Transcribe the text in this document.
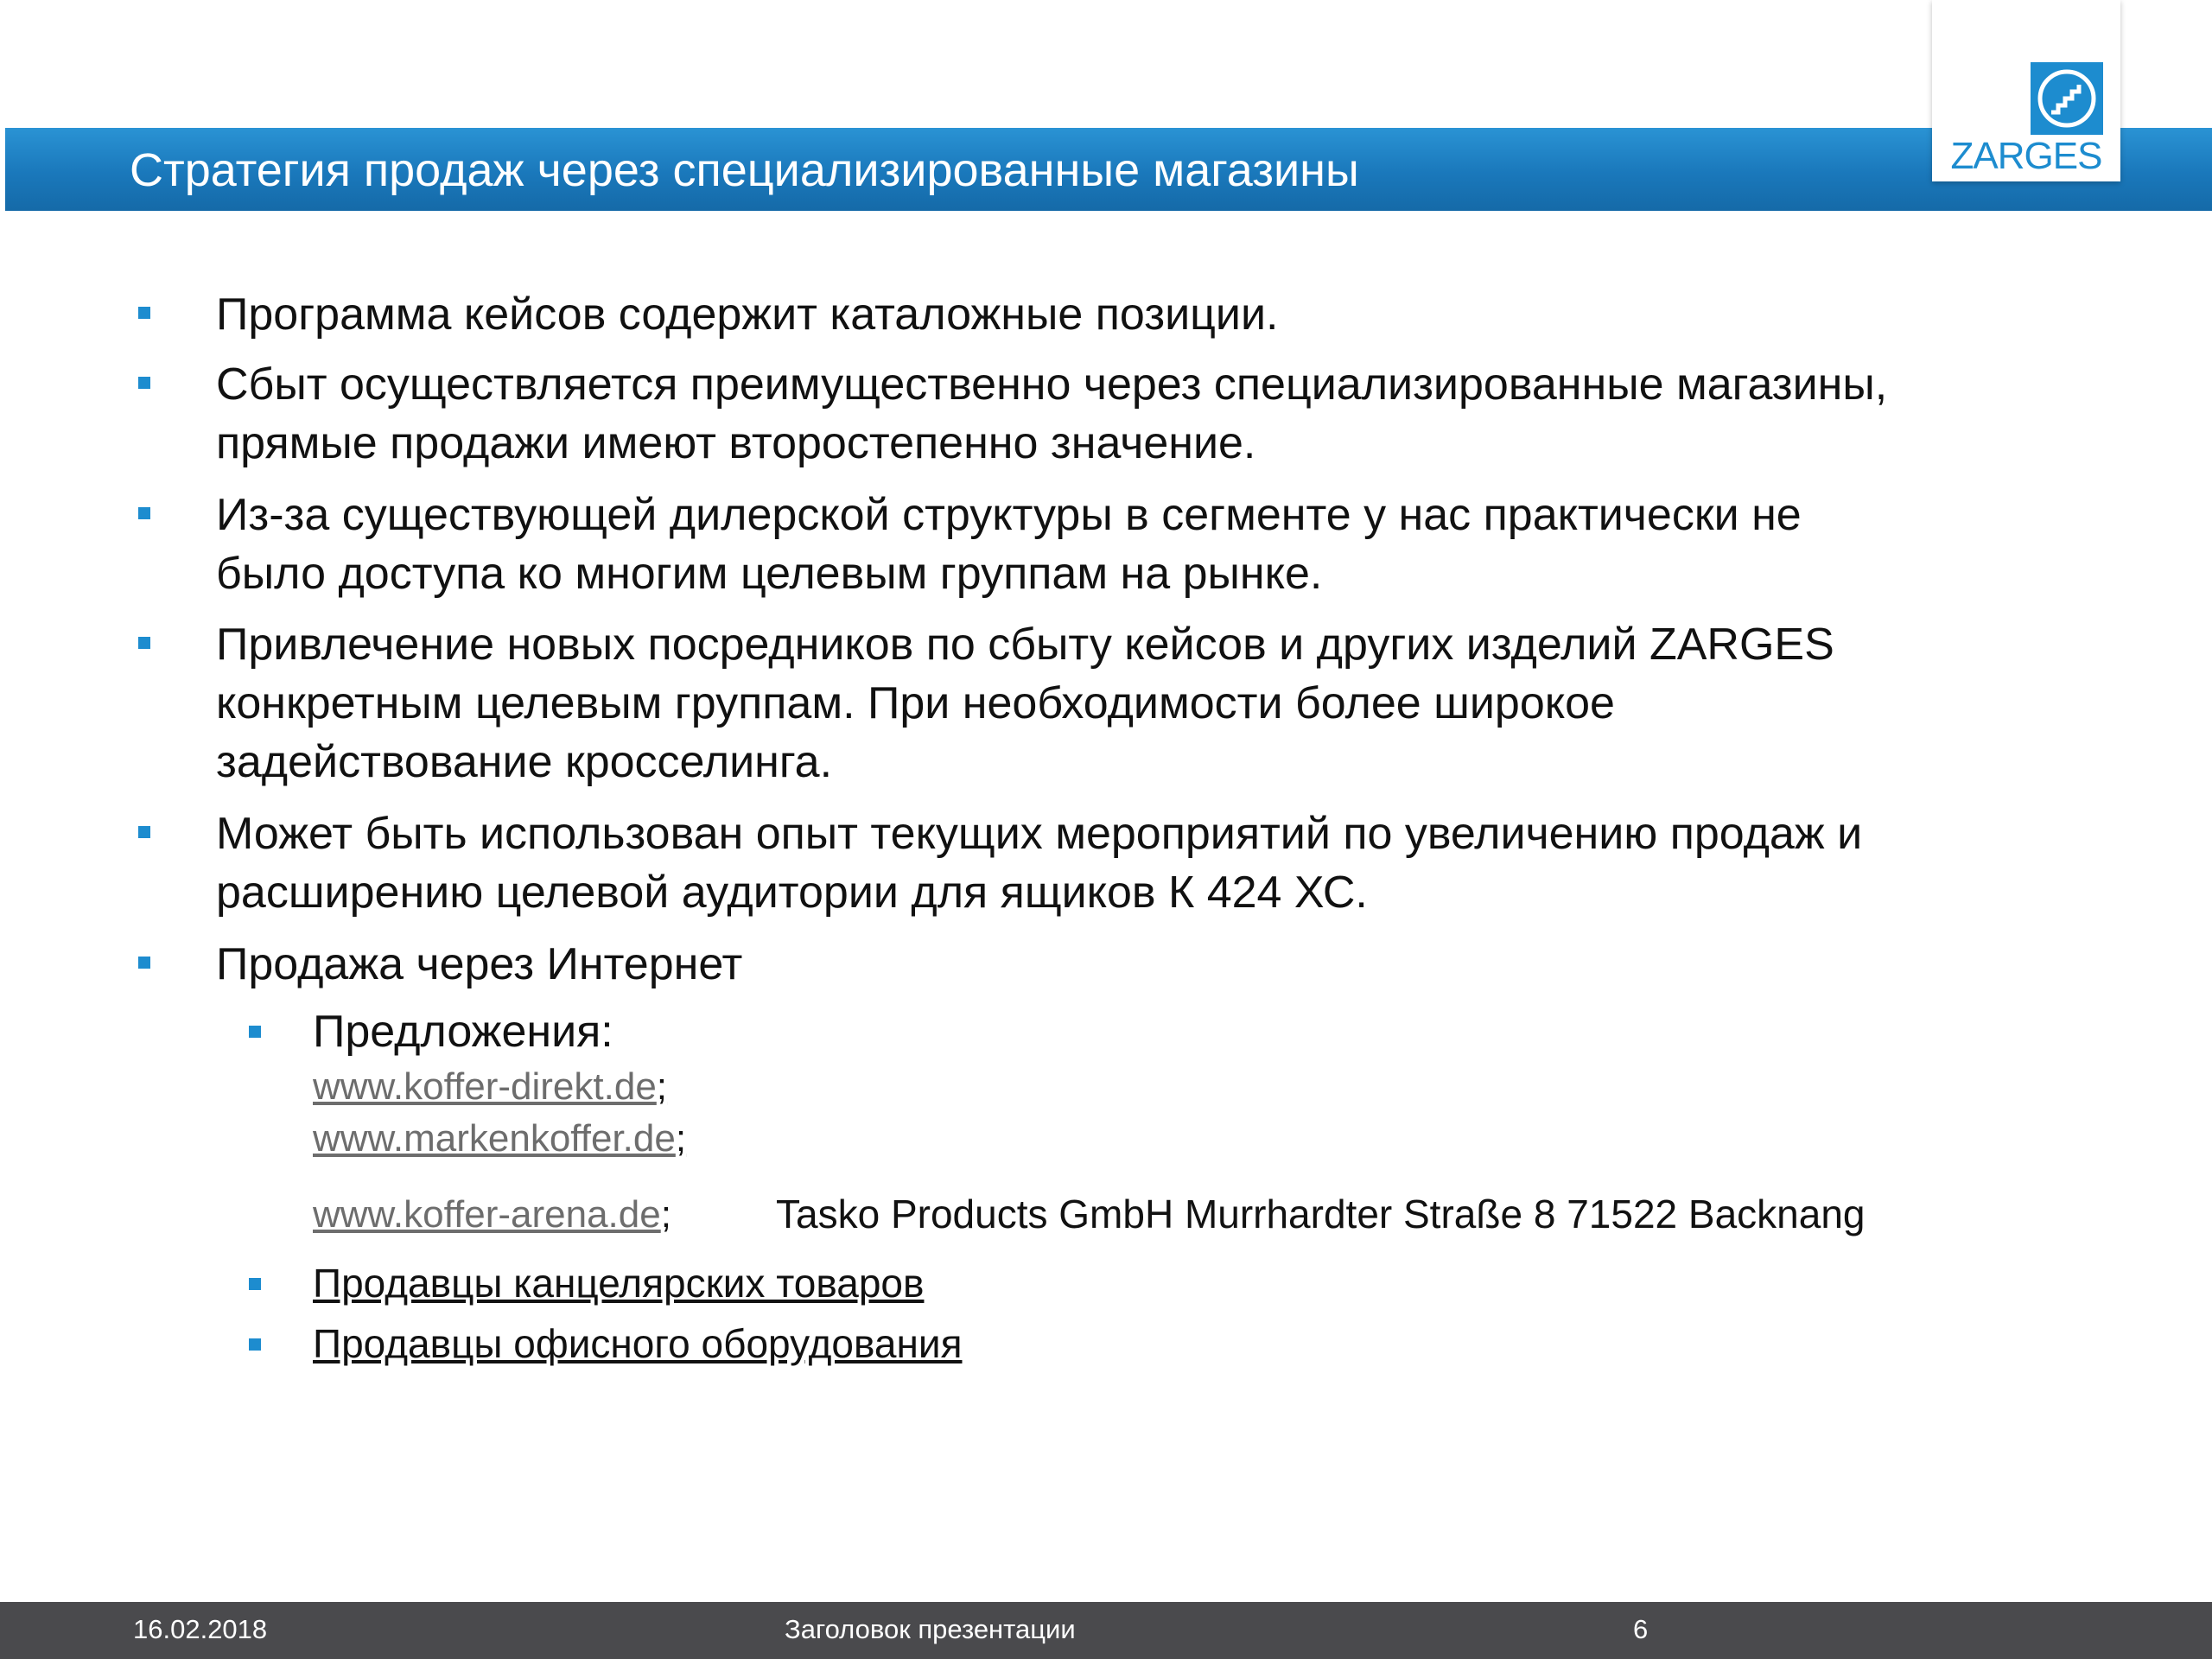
Стратегия продаж через специализированные магазины	ZARGES
Программа кейсов содержит каталожные позиции.
Сбыт осуществляется преимущественно через специализированные магазины,
прямые продажи имеют второстепенно значение.
Из-за существующей дилерской структуры в сегменте у нас практически не
было доступа ко многим целевым группам на рынке.
Привлечение новых посредников по сбыту кейсов и других изделий ZARGES
конкретным целевым группам. При необходимости более широкое
задействование кросселинга.
Может быть использован опыт текущих мероприятий по увеличению продаж и
расширению целевой аудитории для ящиков К 424 ХС.
Продажа через Интернет
Предложения:
www.koffer-direkt.de;
www.markenkoffer.de;
www.koffer-arena.de;	Tasko Products GmbH Murrhardter Straße 8 71522 Backnang
Продавцы канцелярских товаров
Продавцы офисного оборудования
16.02.2018	Заголовок презентации	6
